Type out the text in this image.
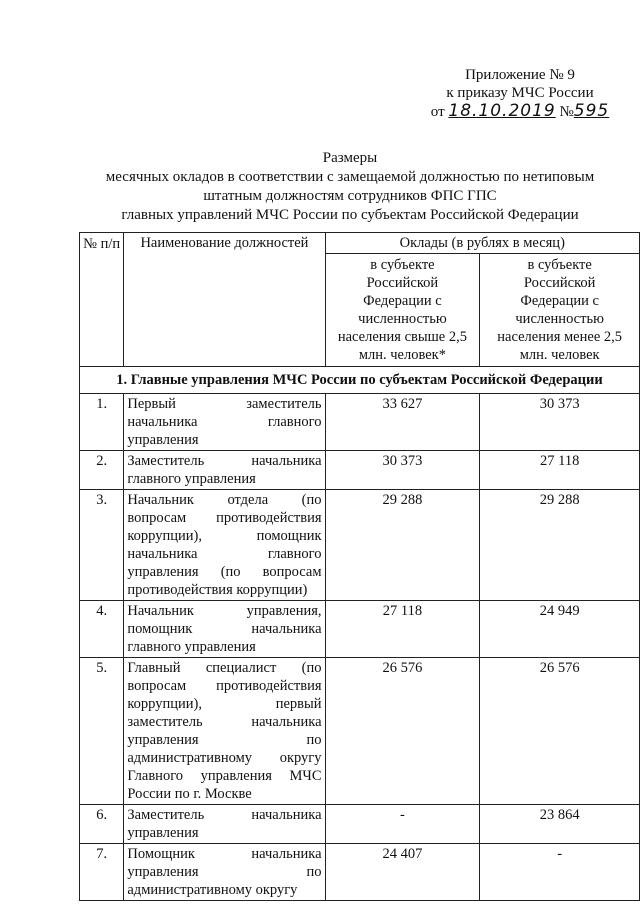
Приложение № 9
к приказу МЧС России
от 18.10.2019 №595
Размеры
месячных окладов в соответствии с замещаемой должностью по нетиповым
штатным должностям сотрудников ФПС ГПС
главных управлений МЧС России по субъектам Российской Федерации
№ п/п	Наименование должностей	Оклады (в рублях в месяц)	
		в субъекте Российской Федерации с численностью населения свыше 2,5 млн. человек*	в субъекте Российской Федерации с численностью населения менее 2,5 млн. человек
1. Главные управления МЧС России по субъектам Российской Федерации			
1.	Первый заместитель начальника главного управления	33 627	30 373
2.	Заместитель начальника главного управления	30 373	27 118
3.	Начальник отдела (по вопросам противодействия коррупции), помощник начальника главного управления (по вопросам противодействия коррупции)	29 288	29 288
4.	Начальник управления, помощник начальника главного управления	27 118	24 949
5.	Главный специалист (по вопросам противодействия коррупции), первый заместитель начальника управления по административному округу Главного управления МЧС России по г. Москве	26 576	26 576
6.	Заместитель начальника управления	-	23 864
7.	Помощник начальника управления по административному округу	24 407	-
